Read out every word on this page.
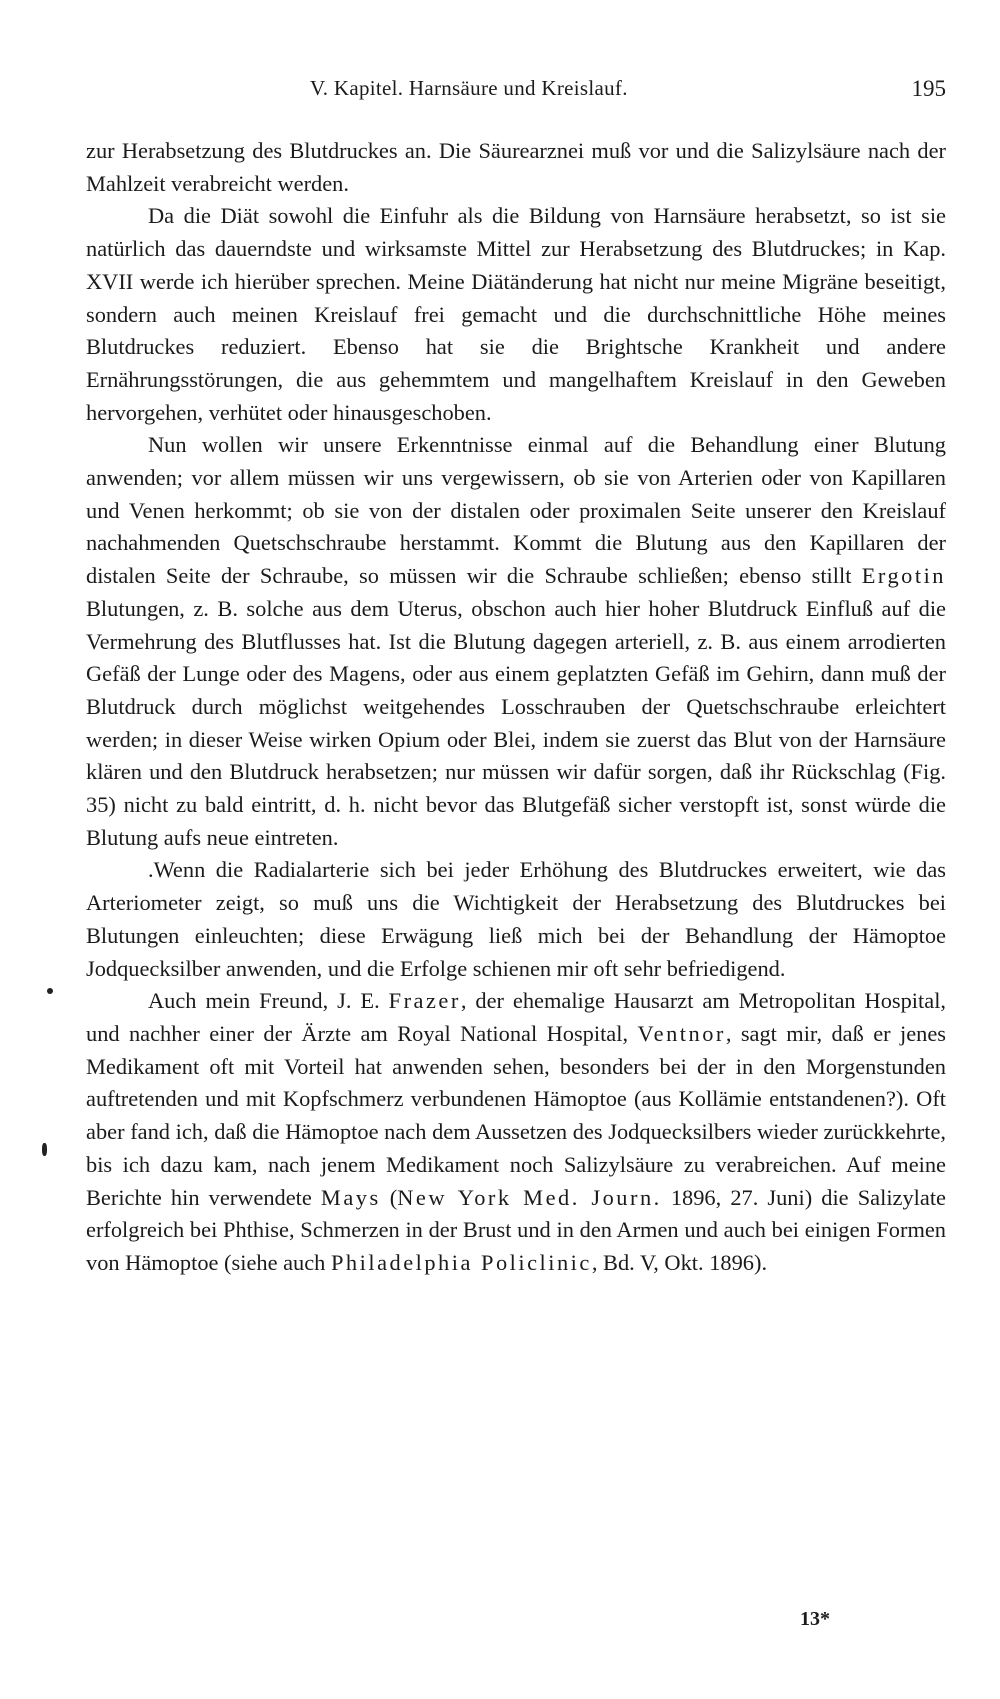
V. Kapitel. Harnsäure und Kreislauf.	195

zur Herabsetzung des Blutdruckes an. Die Säurearznei muß vor und die Salizylsäure nach der Mahlzeit verabreicht werden.

Da die Diät sowohl die Einfuhr als die Bildung von Harnsäure herabsetzt, so ist sie natürlich das dauerndste und wirksamste Mittel zur Herabsetzung des Blutdruckes; in Kap. XVII werde ich hierüber sprechen. Meine Diätänderung hat nicht nur meine Migräne beseitigt, sondern auch meinen Kreislauf frei gemacht und die durchschnittliche Höhe meines Blutdruckes reduziert. Ebenso hat sie die Brightsche Krankheit und andere Ernährungsstörungen, die aus gehemmtem und mangelhaftem Kreislauf in den Geweben hervorgehen, verhütet oder hinausgeschoben.

Nun wollen wir unsere Erkenntnisse einmal auf die Behandlung einer Blutung anwenden; vor allem müssen wir uns vergewissern, ob sie von Arterien oder von Kapillaren und Venen herkommt; ob sie von der distalen oder proximalen Seite unserer den Kreislauf nachahmenden Quetschschraube herstammt. Kommt die Blutung aus den Kapillaren der distalen Seite der Schraube, so müssen wir die Schraube schließen; ebenso stillt Ergotin Blutungen, z. B. solche aus dem Uterus, obschon auch hier hoher Blutdruck Einfluß auf die Vermehrung des Blutflusses hat. Ist die Blutung dagegen arteriell, z. B. aus einem arrodierten Gefäß der Lunge oder des Magens, oder aus einem geplatzten Gefäß im Gehirn, dann muß der Blutdruck durch möglichst weitgehendes Losschrauben der Quetschschraube erleichtert werden; in dieser Weise wirken Opium oder Blei, indem sie zuerst das Blut von der Harnsäure klären und den Blutdruck herabsetzen; nur müssen wir dafür sorgen, daß ihr Rückschlag (Fig. 35) nicht zu bald eintritt, d. h. nicht bevor das Blutgefäß sicher verstopft ist, sonst würde die Blutung aufs neue eintreten.

.Wenn die Radialarterie sich bei jeder Erhöhung des Blutdruckes erweitert, wie das Arteriometer zeigt, so muß uns die Wichtigkeit der Herabsetzung des Blutdruckes bei Blutungen einleuchten; diese Erwägung ließ mich bei der Behandlung der Hämoptoe Jodquecksilber anwenden, und die Erfolge schienen mir oft sehr befriedigend.

Auch mein Freund, J. E. Frazer, der ehemalige Hausarzt am Metropolitan Hospital, und nachher einer der Ärzte am Royal National Hospital, Ventnor, sagt mir, daß er jenes Medikament oft mit Vorteil hat anwenden sehen, besonders bei der in den Morgenstunden auftretenden und mit Kopfschmerz verbundenen Hämoptoe (aus Kollämie entstandenen?). Oft aber fand ich, daß die Hämoptoe nach dem Aussetzen des Jodquecksilbers wieder zurückkehrte, bis ich dazu kam, nach jenem Medikament noch Salizylsäure zu verabreichen. Auf meine Berichte hin verwendete Mays (New York Med. Journ. 1896, 27. Juni) die Salizylate erfolgreich bei Phthise, Schmerzen in der Brust und in den Armen und auch bei einigen Formen von Hämoptoe (siehe auch Philadelphia Policlinic, Bd. V, Okt. 1896).

13*
